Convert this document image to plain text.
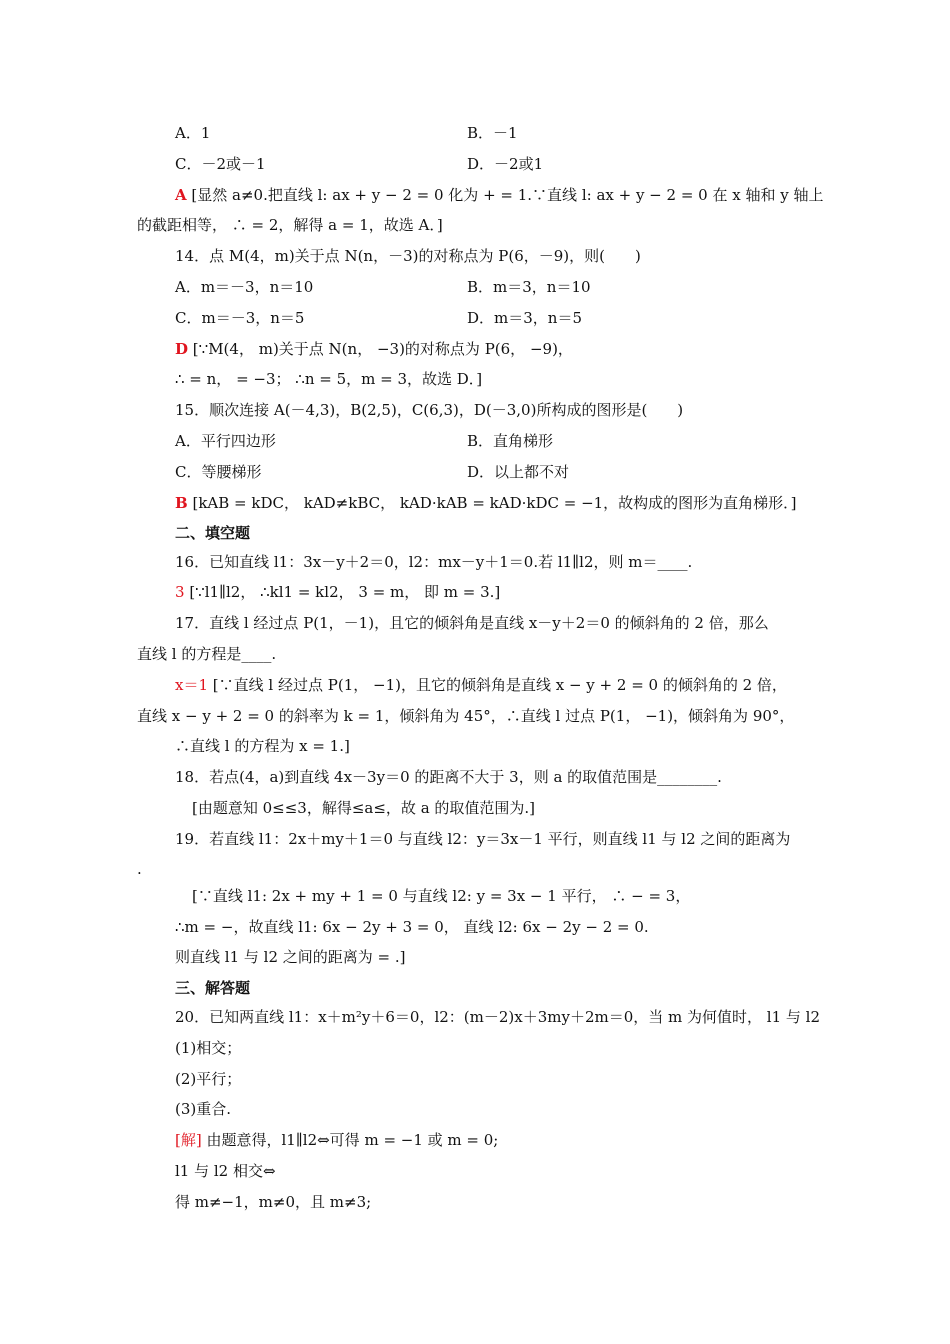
A．1	B．－1
C．－2或－1	D．－2或1
A [显然 a≠0.把直线 l: ax + y − 2 = 0 化为 + = 1.∵直线 l: ax + y − 2 = 0 在 x 轴和 y 轴上
的截距相等， ∴ = 2，解得 a = 1，故选 A．]
14．点 M(4，m)关于点 N(n，－3)的对称点为 P(6，－9)，则(　　)
A．m＝－3，n＝10	B．m＝3，n＝10
C．m＝－3，n＝5	D．m＝3，n＝5
D [∵M(4， m)关于点 N(n， −3)的对称点为 P(6， −9)，
∴ = n， = −3； ∴n = 5，m = 3，故选 D．]
15．顺次连接 A(－4,3)，B(2,5)，C(6,3)，D(－3,0)所构成的图形是(　　)
A．平行四边形	B．直角梯形
C．等腰梯形	D．以上都不对
B [kAB = kDC， kAD≠kBC， kAD·kAB = kAD·kDC = −1，故构成的图形为直角梯形．]
二、填空题
16．已知直线 l1：3x－y＋2＝0，l2：mx－y＋1＝0.若 l1∥l2，则 m＝____.
3 [∵l1∥l2， ∴kl1 = kl2， 3 = m， 即 m = 3.]
17．直线 l 经过点 P(1，－1)，且它的倾斜角是直线 x－y＋2＝0 的倾斜角的 2 倍，那么
直线 l 的方程是____.
x＝1 [∵直线 l 经过点 P(1， −1)，且它的倾斜角是直线 x − y + 2 = 0 的倾斜角的 2 倍，
直线 x − y + 2 = 0 的斜率为 k = 1，倾斜角为 45°，∴直线 l 过点 P(1， −1)，倾斜角为 90°，
∴直线 l 的方程为 x = 1.]
18．若点(4，a)到直线 4x－3y＝0 的距离不大于 3，则 a 的取值范围是________.
[由题意知 0≤≤3，解得≤a≤，故 a 的取值范围为.]
19．若直线 l1：2x＋my＋1＝0 与直线 l2：y＝3x－1 平行，则直线 l1 与 l2 之间的距离为
.
[∵直线 l1: 2x + my + 1 = 0 与直线 l2: y = 3x − 1 平行， ∴ − = 3，
∴m = −，故直线 l1: 6x − 2y + 3 = 0， 直线 l2: 6x − 2y − 2 = 0.
则直线 l1 与 l2 之间的距离为 = .]
三、解答题
20．已知两直线 l1：x＋m²y＋6＝0，l2：(m－2)x＋3my＋2m＝0，当 m 为何值时， l1 与 l2
(1)相交；
(2)平行；
(3)重合.
[解] 由题意得，l1∥l2⇔可得 m = −1 或 m = 0;
l1 与 l2 相交⇔
得 m≠−1，m≠0，且 m≠3;
